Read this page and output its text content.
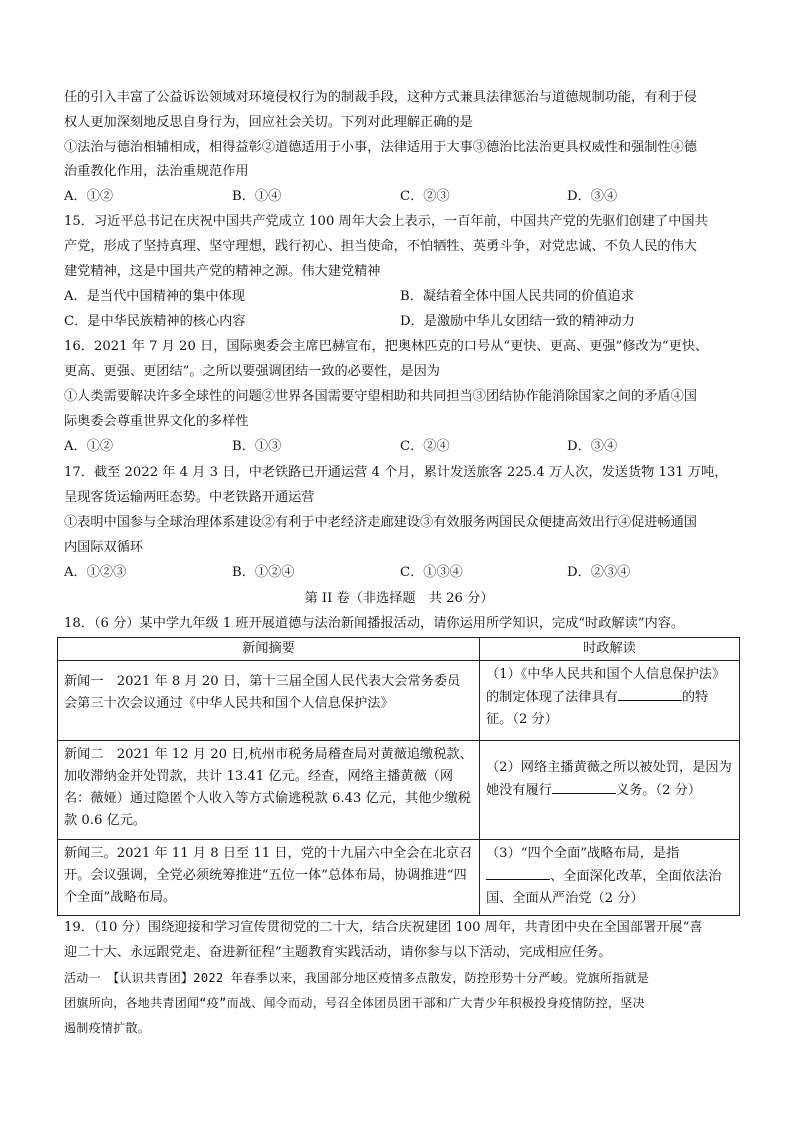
任的引入丰富了公益诉讼领域对环境侵权行为的制裁手段，这种方式兼具法律惩治与道德规制功能，有利于侵
权人更加深刻地反思自身行为，回应社会关切。下列对此理解正确的是
①法治与德治相辅相成，相得益彰②道德适用于小事，法律适用于大事③德治比法治更具权威性和强制性④德
治重教化作用，法治重规范作用
A．①②	B．①④	C．②③	D．③④
15．习近平总书记在庆祝中国共产党成立 100 周年大会上表示，一百年前，中国共产党的先驱们创建了中国共
产党，形成了坚持真理、坚守理想，践行初心、担当使命，不怕牺牲、英勇斗争，对党忠诚、不负人民的伟大
建党精神，这是中国共产党的精神之源。伟大建党精神
A．是当代中国精神的集中体现	B．凝结着全体中国人民共同的价值追求
C．是中华民族精神的核心内容	D．是激励中华儿女团结一致的精神动力
16．2021 年 7 月 20 日，国际奥委会主席巴赫宣布，把奥林匹克的口号从“更快、更高、更强”修改为“更快、
更高、更强、更团结”。之所以要强调团结一致的必要性，是因为
①人类需要解决许多全球性的问题②世界各国需要守望相助和共同担当③团结协作能消除国家之间的矛盾④国
际奥委会尊重世界文化的多样性
A．①②	B．①③	C．②④	D．③④
17．截至 2022 年 4 月 3 日，中老铁路已开通运营 4 个月，累计发送旅客 225.4 万人次，发送货物 131 万吨，
呈现客货运输两旺态势。中老铁路开通运营
①表明中国参与全球治理体系建设②有利于中老经济走廊建设③有效服务两国民众便捷高效出行④促进畅通国
内国际双循环
A．①②③	B．①②④	C．①③④	D．②③④
第 II 卷（非选择题　共 26 分）
18．（6 分）某中学九年级 1 班开展道德与法治新闻播报活动，请你运用所学知识，完成“时政解读”内容。
新闻摘要	时政解读
新闻一　2021 年 8 月 20 日，第十三届全国人民代表大会常务委员会第三十次会议通过《中华人民共和国个人信息保护法》	（1）《中华人民共和国个人信息保护法》的制定体现了法律具有 的特征。（2 分）
新闻二　2021 年 12 月 20 日,杭州市税务局稽查局对黄薇追缴税款、加收滞纳金并处罚款，共计 13.41 亿元。经查，网络主播黄薇（网名：薇娅）通过隐匿个人收入等方式偷逃税款 6.43 亿元，其他少缴税款 0.6 亿元。	（2）网络主播黄薇之所以被处罚，是因为她没有履行 义务。（2 分）
新闻三。2021 年 11 月 8 日至 11 日，党的十九届六中全会在北京召开。会议强调，全党必须统筹推进“五位一体”总体布局，协调推进“四个全面”战略布局。	（3）“四个全面”战略布局，是指、全面深化改革，全面依法治国、全面从严治党（2 分）
19．（10 分）围绕迎接和学习宣传贯彻党的二十大，结合庆祝建团 100 周年，共青团中央在全国部署开展“喜
迎二十大、永远跟党走、奋进新征程”主题教育实践活动，请你参与以下活动，完成相应任务。
活动一　【认识共青团】2022 年春季以来，我国部分地区疫情多点散发，防控形势十分严峻。党旗所指就是
团旗所向，各地共青团闻“疫”而战、闻令而动，号召全体团员团干部和广大青少年积极投身疫情防控，坚决
遏制疫情扩散。
